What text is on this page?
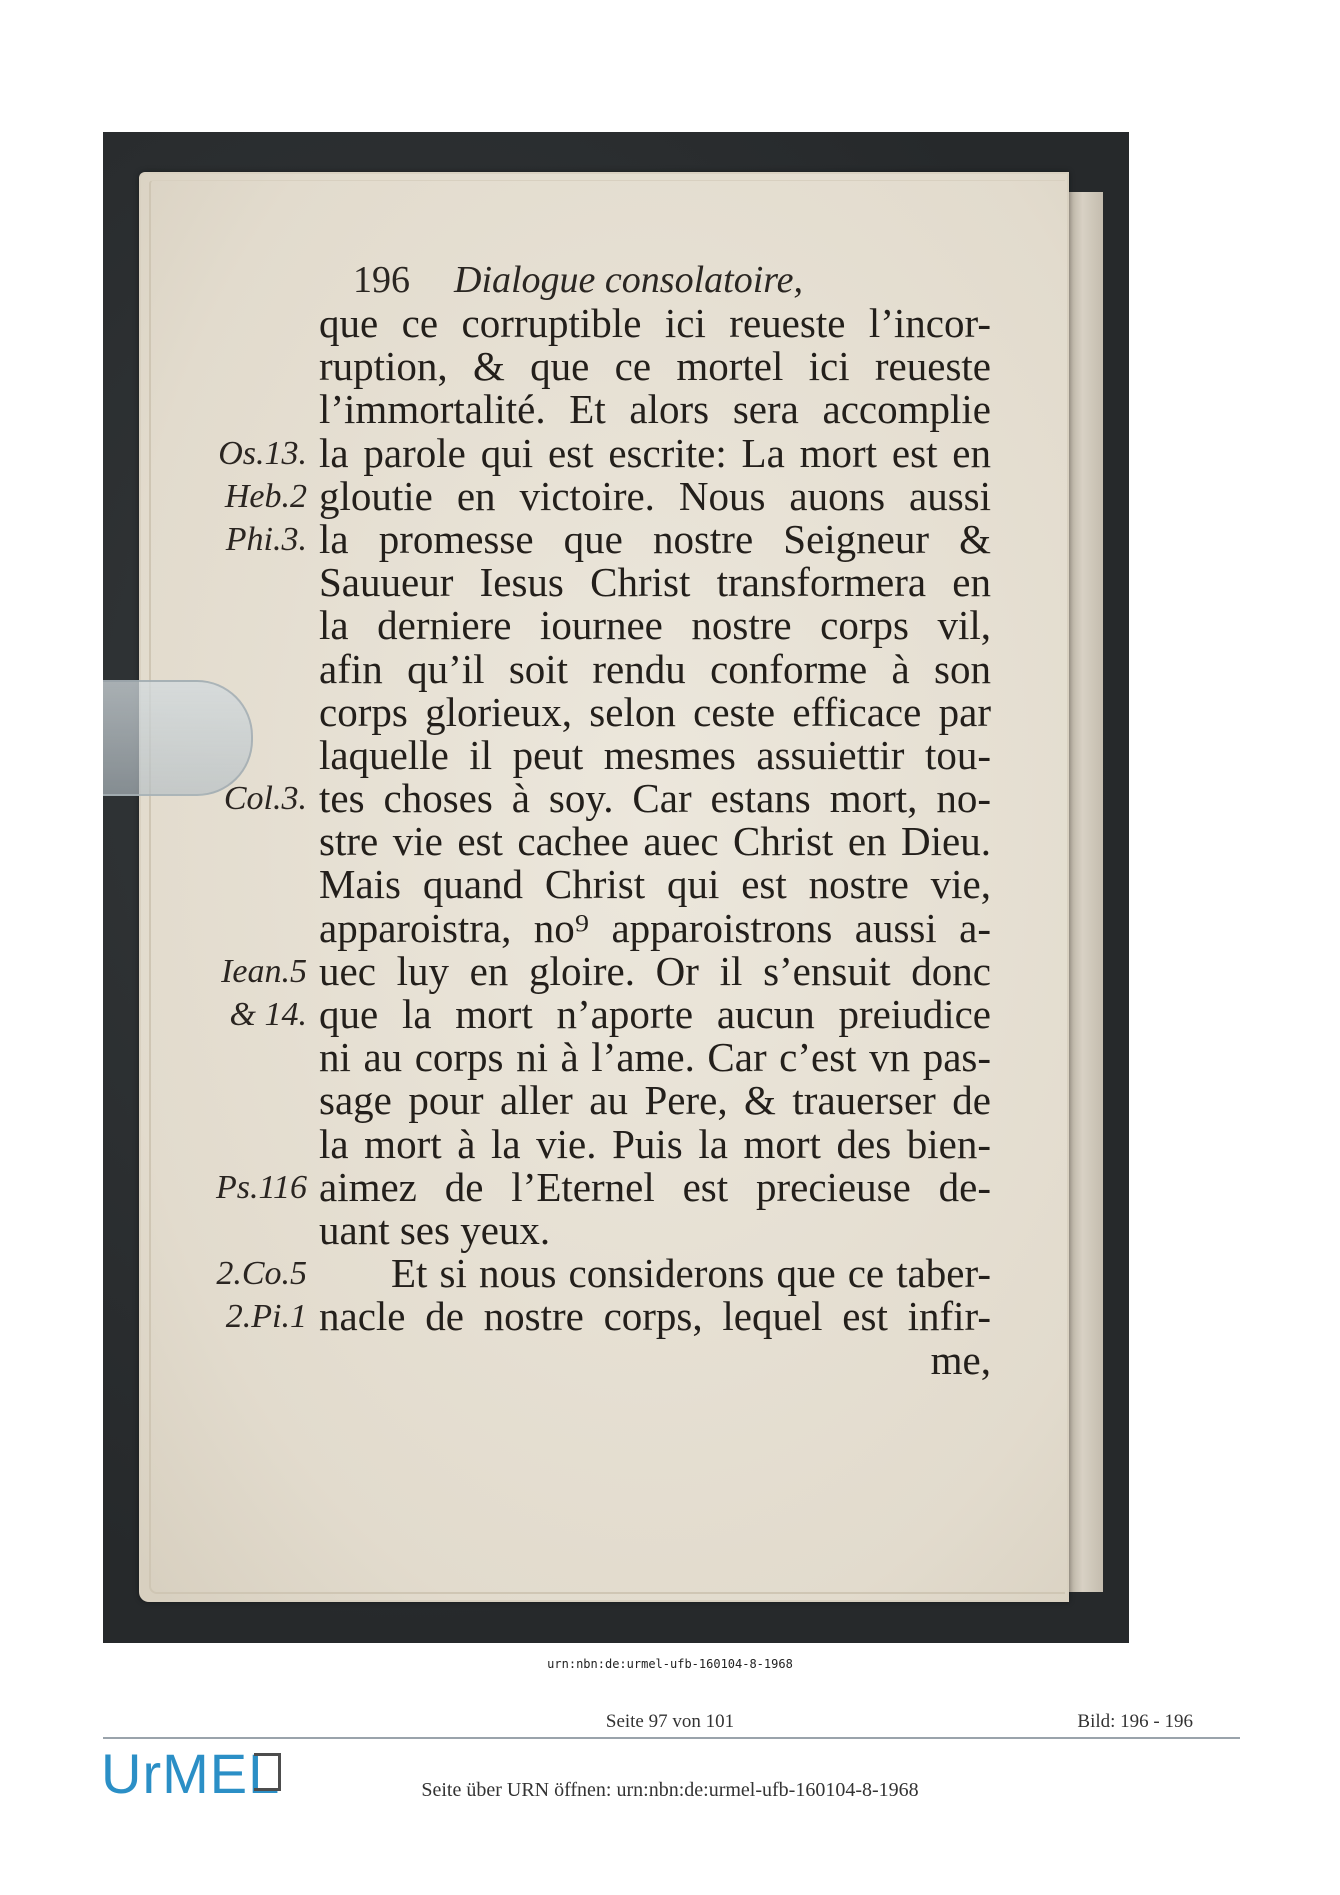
196 Dialogue consolatoire,
que ce corruptible ici reueste l’incor-
ruption, & que ce mortel ici reueste
l’immortalité. Et alors sera accomplie
la parole qui est escrite: La mort est en
Os.13.
gloutie en victoire. Nous auons aussi
Heb.2
la promesse que nostre Seigneur &
Phi.3.
Sauueur Iesus Christ transformera en
la derniere iournee nostre corps vil,
afin qu’il soit rendu conforme à son
corps glorieux, selon ceste efficace par
laquelle il peut mesmes assuiettir tou-
tes choses à soy. Car estans mort, no-
Col.3.
stre vie est cachee auec Christ en Dieu.
Mais quand Christ qui est nostre vie,
apparoistra, no⁹ apparoistrons aussi a-
uec luy en gloire. Or il s’ensuit donc
Iean.5
que la mort n’aporte aucun preiudice
& 14.
ni au corps ni à l’ame. Car c’est vn pas-
sage pour aller au Pere, & trauerser de
la mort à la vie. Puis la mort des bien-
aimez de l’Eternel est precieuse de-
Ps.116
uant ses yeux.
Et si nous considerons que ce taber-
2.Co.5
nacle de nostre corps, lequel est infir-
2.Pi.1
me,
urn:nbn:de:urmel-ufb-160104-8-1968
Seite 97 von 101	Bild: 196 - 196
UrMEL	Seite über URN öffnen: urn:nbn:de:urmel-ufb-160104-8-1968
